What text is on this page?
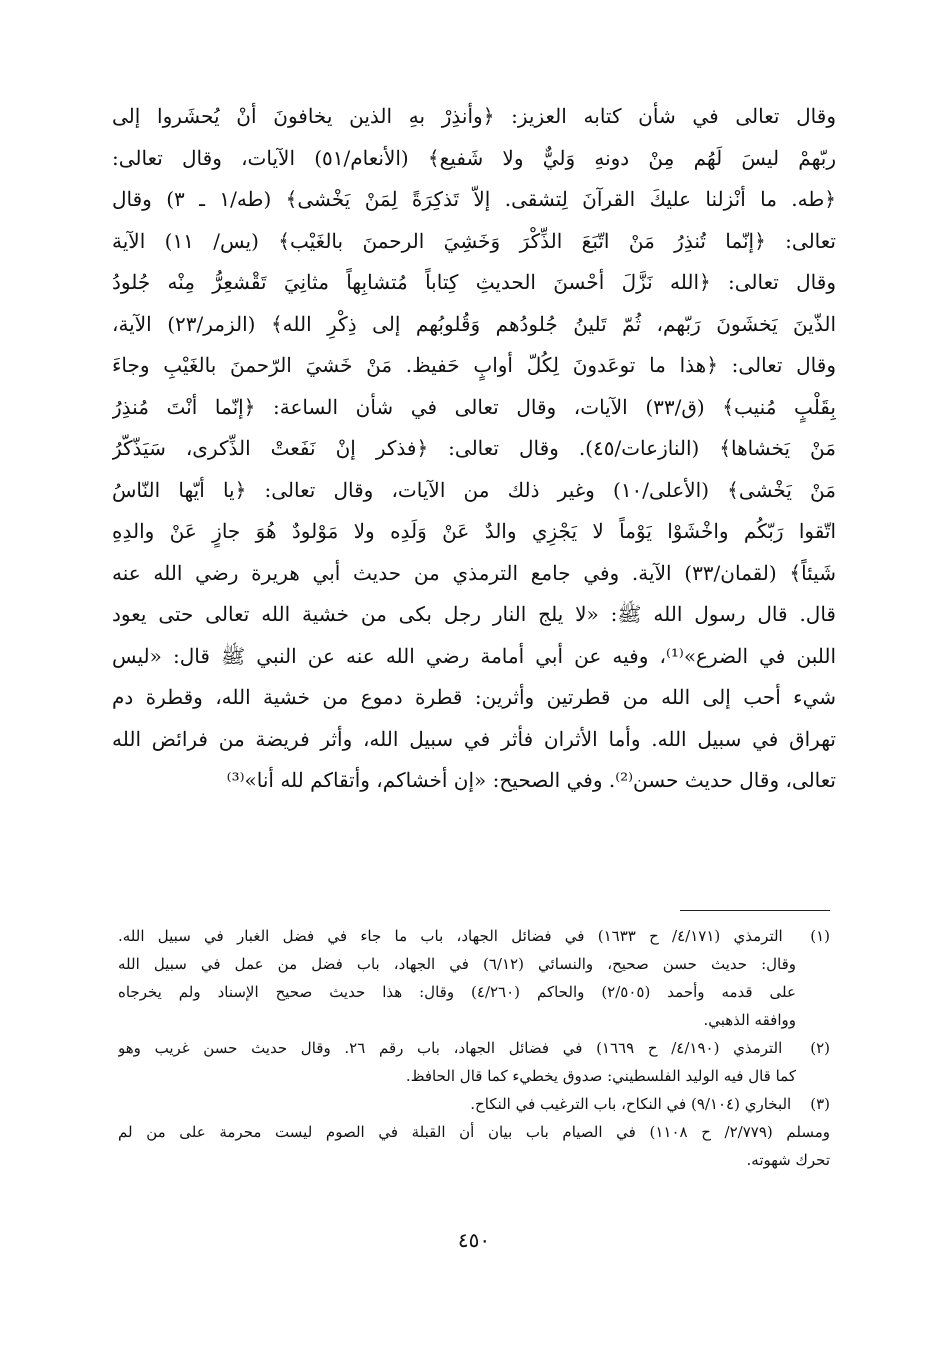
وقال تعالى في شأن كتابه العزيز: ﴿وأنذِرْ بهِ الذين يخافونَ أنْ يُحشَروا إلى
ربّهمْ ليسَ لَهُم مِنْ دونهِ وَليٌّ ولا شَفيع﴾ (الأنعام/٥١) الآيات، وقال تعالى:
﴿طه. ما أنْزلنا عليكَ القرآنَ لِتشقى. إلاّ تَذكِرَةً لِمَنْ يَخْشى﴾ (طه/١ ـ ٣) وقال
تعالى: ﴿إنّما تُنذِرُ مَنْ اتّبَعَ الذِّكْرَ وَخَشِيَ الرحمنَ بالغَيْب﴾ (يس/ ١١) الآية
وقال تعالى: ﴿الله نَزَّلَ أحْسنَ الحديثِ كِتاباً مُتشابِهاً مثانِيَ تَقْشعِرُّ مِنْه جُلودُ
الذّينَ يَخشَونَ رَبّهم، ثُمّ تَلينُ جُلودُهم وَقُلوبُهم إلى ذِكْرِ الله﴾ (الزمر/٢٣) الآية،
وقال تعالى: ﴿هذا ما توعَدونَ لِكُلّ أوابٍ حَفيظ. مَنْ خَشيَ الرّحمنَ بالغَيْبِ وجاءَ
بِقَلْبٍ مُنيب﴾ (ق/٣٣) الآيات، وقال تعالى في شأن الساعة: ﴿إنّما أنْتَ مُنذِرُ
مَنْ يَخشاها﴾ (النازعات/٤٥). وقال تعالى: ﴿فذكر إنْ نَفَعتْ الذِّكرى، سَيَذّكّرُ
مَنْ يَخْشى﴾ (الأعلى/١٠) وغير ذلك من الآيات، وقال تعالى: ﴿يا أيّها النّاسُ
اتّقوا رَبّكُم واخْشَوْا يَوْماً لا يَجْزِي والدٌ عَنْ وَلَدِه ولا مَوْلودٌ هُوَ جازٍ عَنْ والدِهِ
شَيئاً﴾ (لقمان/٣٣) الآية. وفي جامع الترمذي من حديث أبي هريرة رضي الله عنه
قال. قال رسول الله ﷺ: «لا يلج النار رجل بكى من خشية الله تعالى حتى يعود
اللبن في الضرع»⁽¹⁾، وفيه عن أبي أمامة رضي الله عنه عن النبي ﷺ قال: «ليس
شيء أحب إلى الله من قطرتين وأثرين: قطرة دموع من خشية الله، وقطرة دم
تهراق في سبيل الله. وأما الأثران فأثر في سبيل الله، وأثر فريضة من فرائض الله
تعالى، وقال حديث حسن⁽²⁾. وفي الصحيح: «إن أخشاكم، وأتقاكم لله أنا»⁽³⁾
(١) الترمذي (٤/١٧١/ ح ١٦٣٣) في فضائل الجهاد، باب ما جاء في فضل الغبار في سبيل الله.
وقال: حديث حسن صحيح، والنسائي (٦/١٢) في الجهاد، باب فضل من عمل في سبيل الله
على قدمه وأحمد (٢/٥٠٥) والحاكم (٤/٢٦٠) وقال: هذا حديث صحيح الإسناد ولم يخرجاه
ووافقه الذهبي.
(٢) الترمذي (٤/١٩٠/ ح ١٦٦٩) في فضائل الجهاد، باب رقم ٢٦. وقال حديث حسن غريب وهو
كما قال فيه الوليد الفلسطيني: صدوق يخطيء كما قال الحافظ.
(٣) البخاري (٩/١٠٤) في النكاح، باب الترغيب في النكاح.
ومسلم (٢/٧٧٩/ ح ١١٠٨) في الصيام باب بيان أن القبلة في الصوم ليست محرمة على من لم
تحرك شهوته.
٤٥٠
